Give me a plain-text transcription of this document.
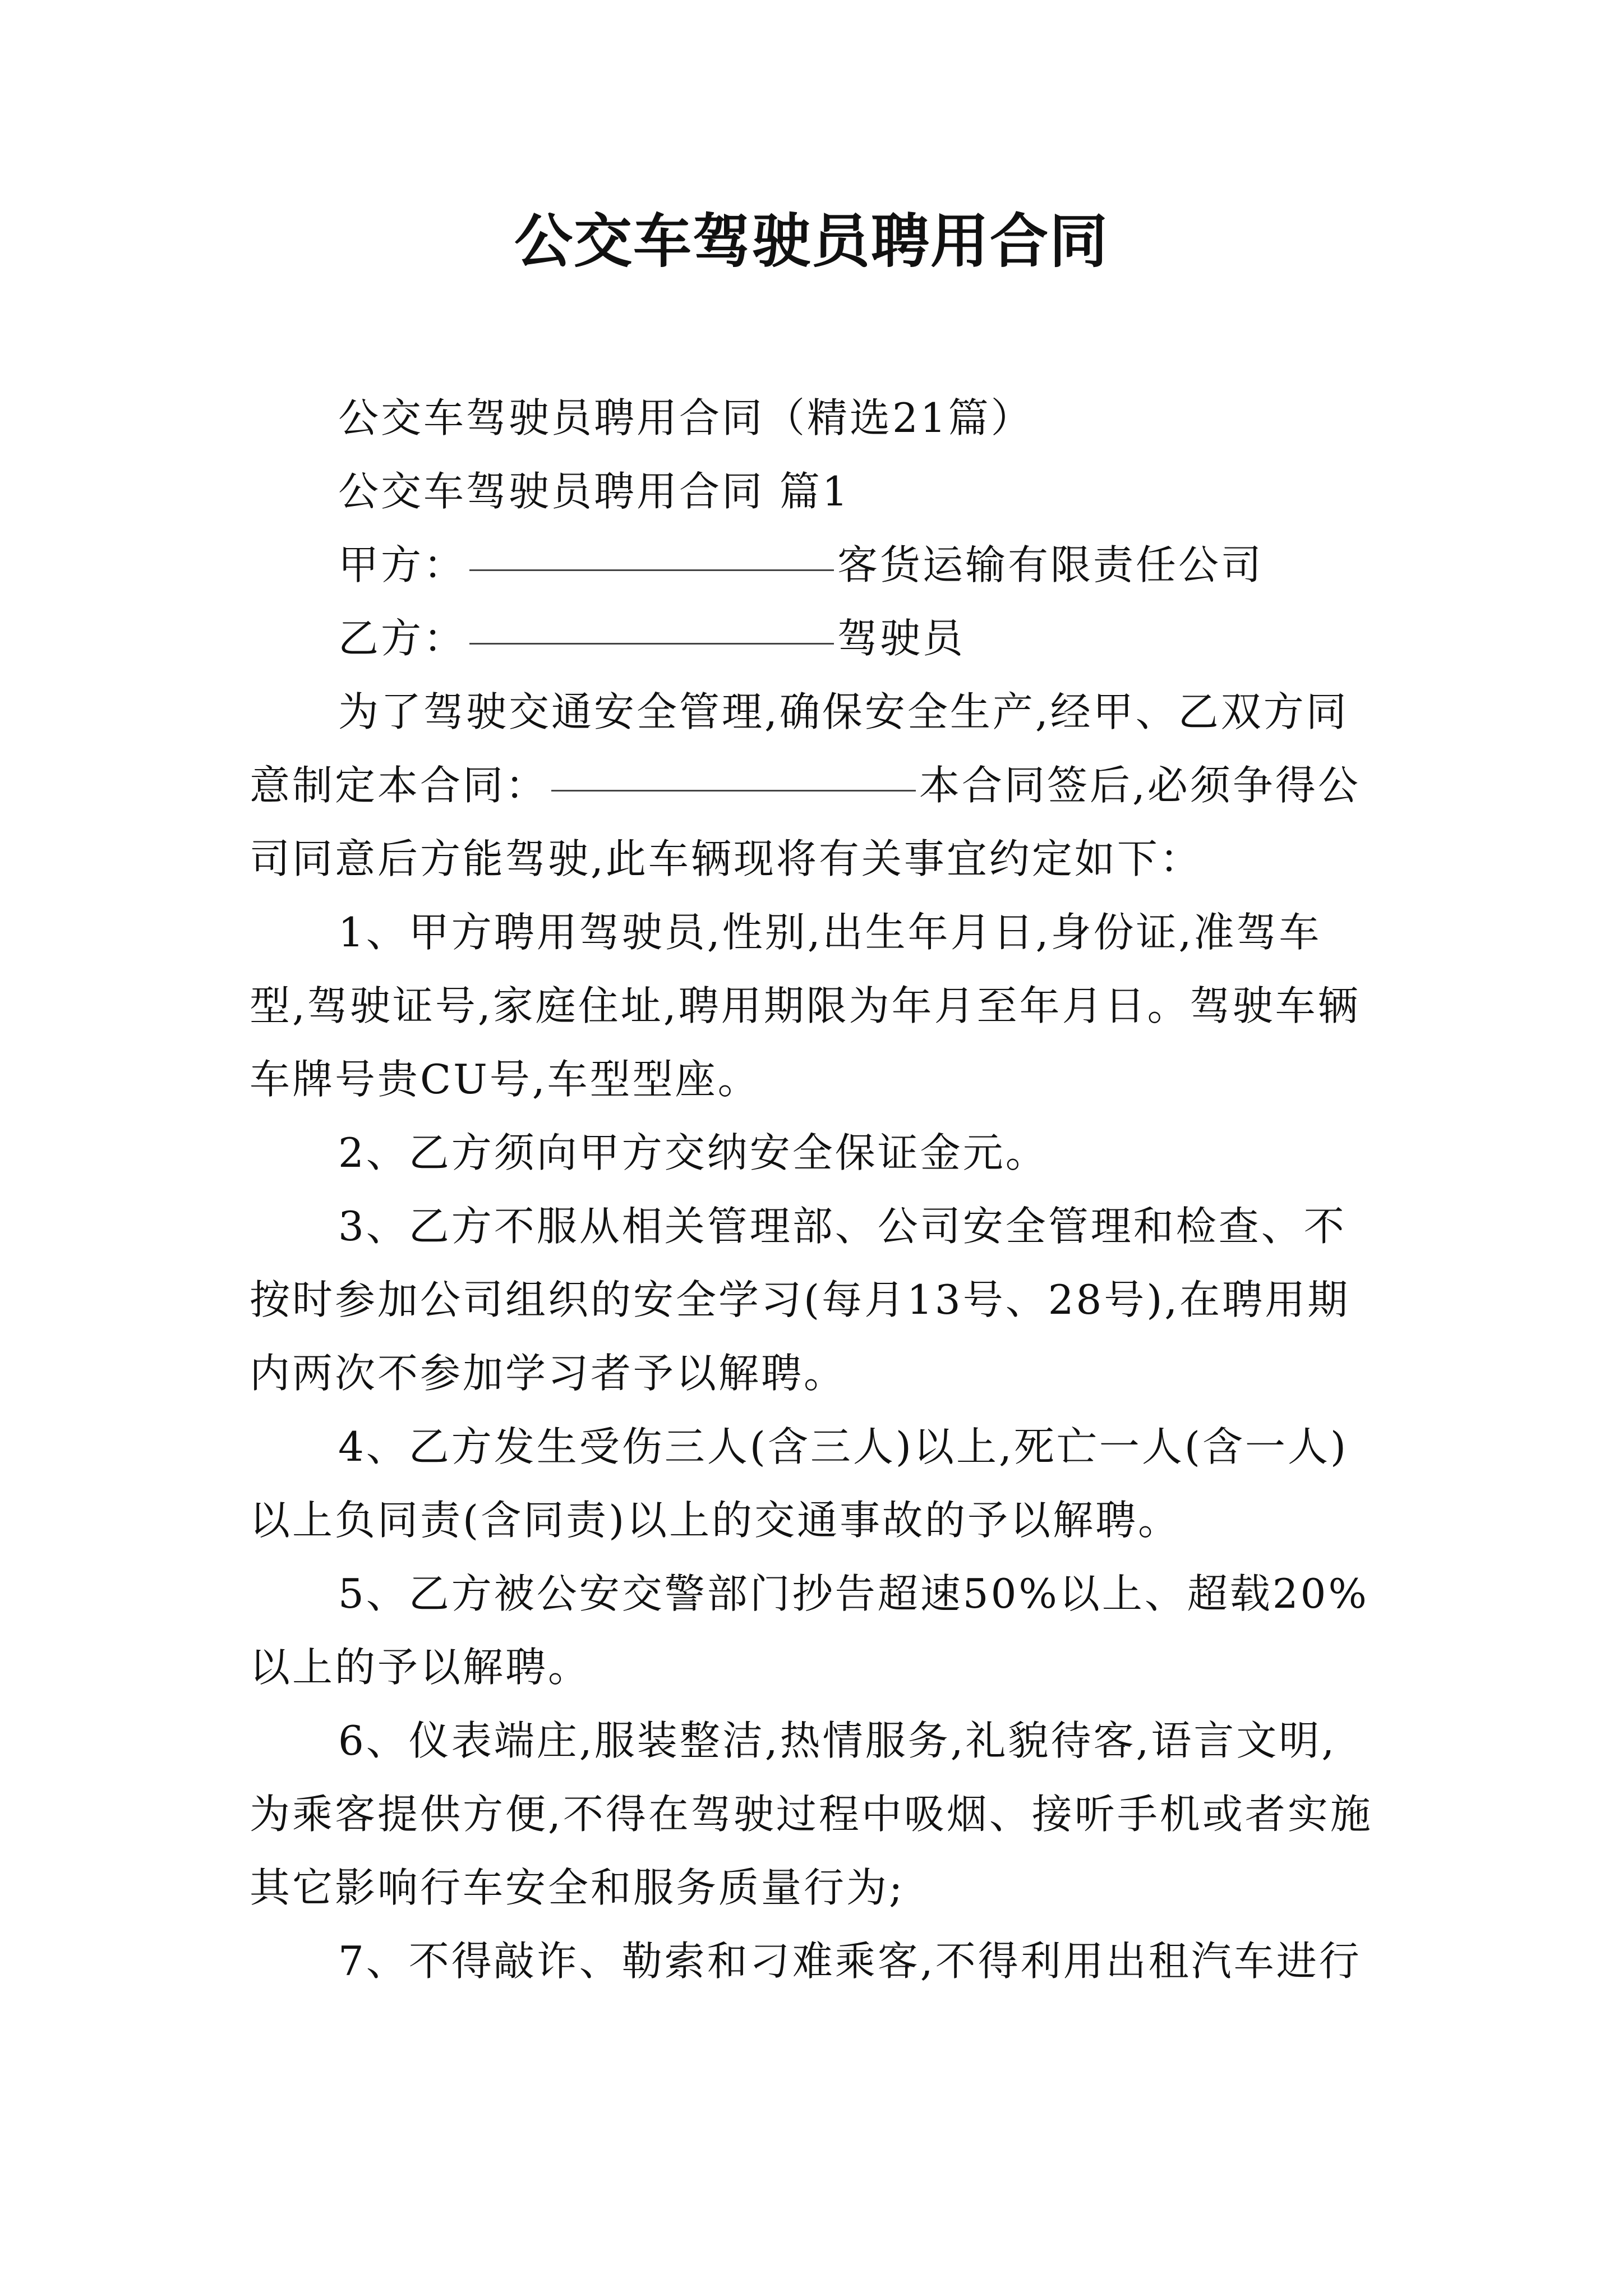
公交车驾驶员聘用合同

公交车驾驶员聘用合同（精选21篇）

公交车驾驶员聘用合同 篇1

甲方：	客货运输有限责任公司

乙方：	驾驶员

为了驾驶交通安全管理,确保安全生产,经甲、乙双方同意制定本合同：	本合同签后,必须争得公司同意后方能驾驶,此车辆现将有关事宜约定如下：

1、甲方聘用驾驶员,性别,出生年月日,身份证,准驾车型,驾驶证号,家庭住址,聘用期限为年月至年月日。驾驶车辆车牌号贵CU号,车型型座。

2、乙方须向甲方交纳安全保证金元。

3、乙方不服从相关管理部、公司安全管理和检查、不按时参加公司组织的安全学习(每月13号、28号),在聘用期内两次不参加学习者予以解聘。

4、乙方发生受伤三人(含三人)以上,死亡一人(含一人)以上负同责(含同责)以上的交通事故的予以解聘。

5、乙方被公安交警部门抄告超速50%以上、超载20%以上的予以解聘。

6、仪表端庄,服装整洁,热情服务,礼貌待客,语言文明,为乘客提供方便,不得在驾驶过程中吸烟、接听手机或者实施其它影响行车安全和服务质量行为;

7、不得敲诈、勒索和刁难乘客,不得利用出租汽车进行
